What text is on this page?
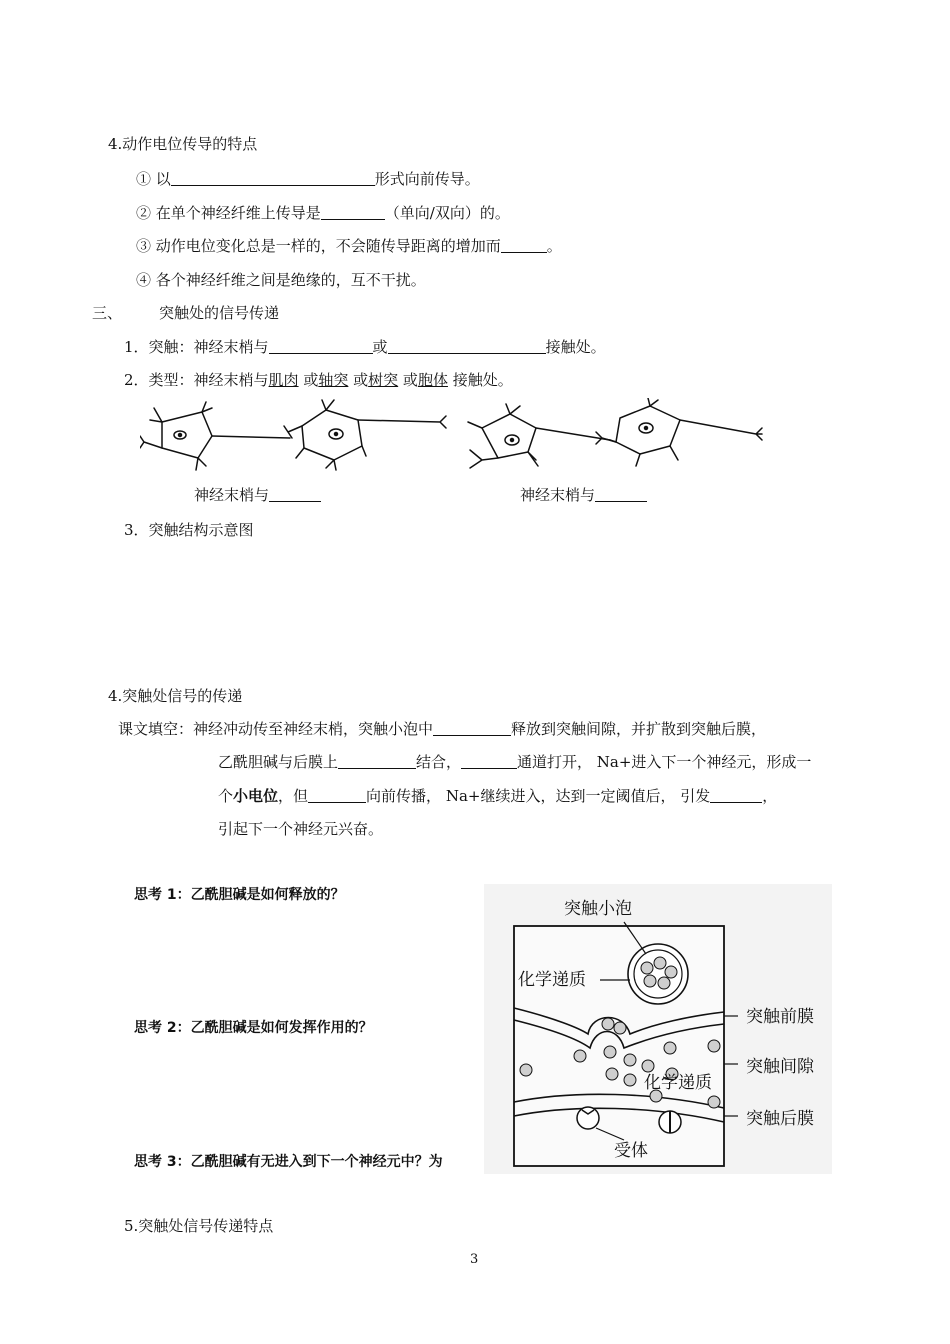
4.动作电位传导的特点
① 以	形式向前传导。
② 在单个神经纤维上传导是	（单向/双向）的。
③ 动作电位变化总是一样的，不会随传导距离的增加而	。
④ 各个神经纤维之间是绝缘的，互不干扰。
三、 突触处的信号传递
1．突触：神经末梢与	或	接触处。
2．类型：神经末梢与肌肉 或轴突 或树突 或胞体 接触处。
神经末梢与	神经末梢与
3．突触结构示意图
4.突触处信号的传递
课文填空：神经冲动传至神经末梢，突触小泡中	释放到突触间隙，并扩散到突触后膜，
乙酰胆碱与后膜上	结合，	通道打开， Na+进入下一个神经元，形成一
个小电位，但	向前传播， Na+继续进入，达到一定阈值后， 引发	，
引起下一个神经元兴奋。
思考 1：乙酰胆碱是如何释放的？
思考 2：乙酰胆碱是如何发挥作用的？
思考 3：乙酰胆碱有无进入到下一个神经元中？为
突触小泡
化学递质
突触前膜
突触间隙
化学递质
突触后膜
受体
5.突触处信号传递特点
3
